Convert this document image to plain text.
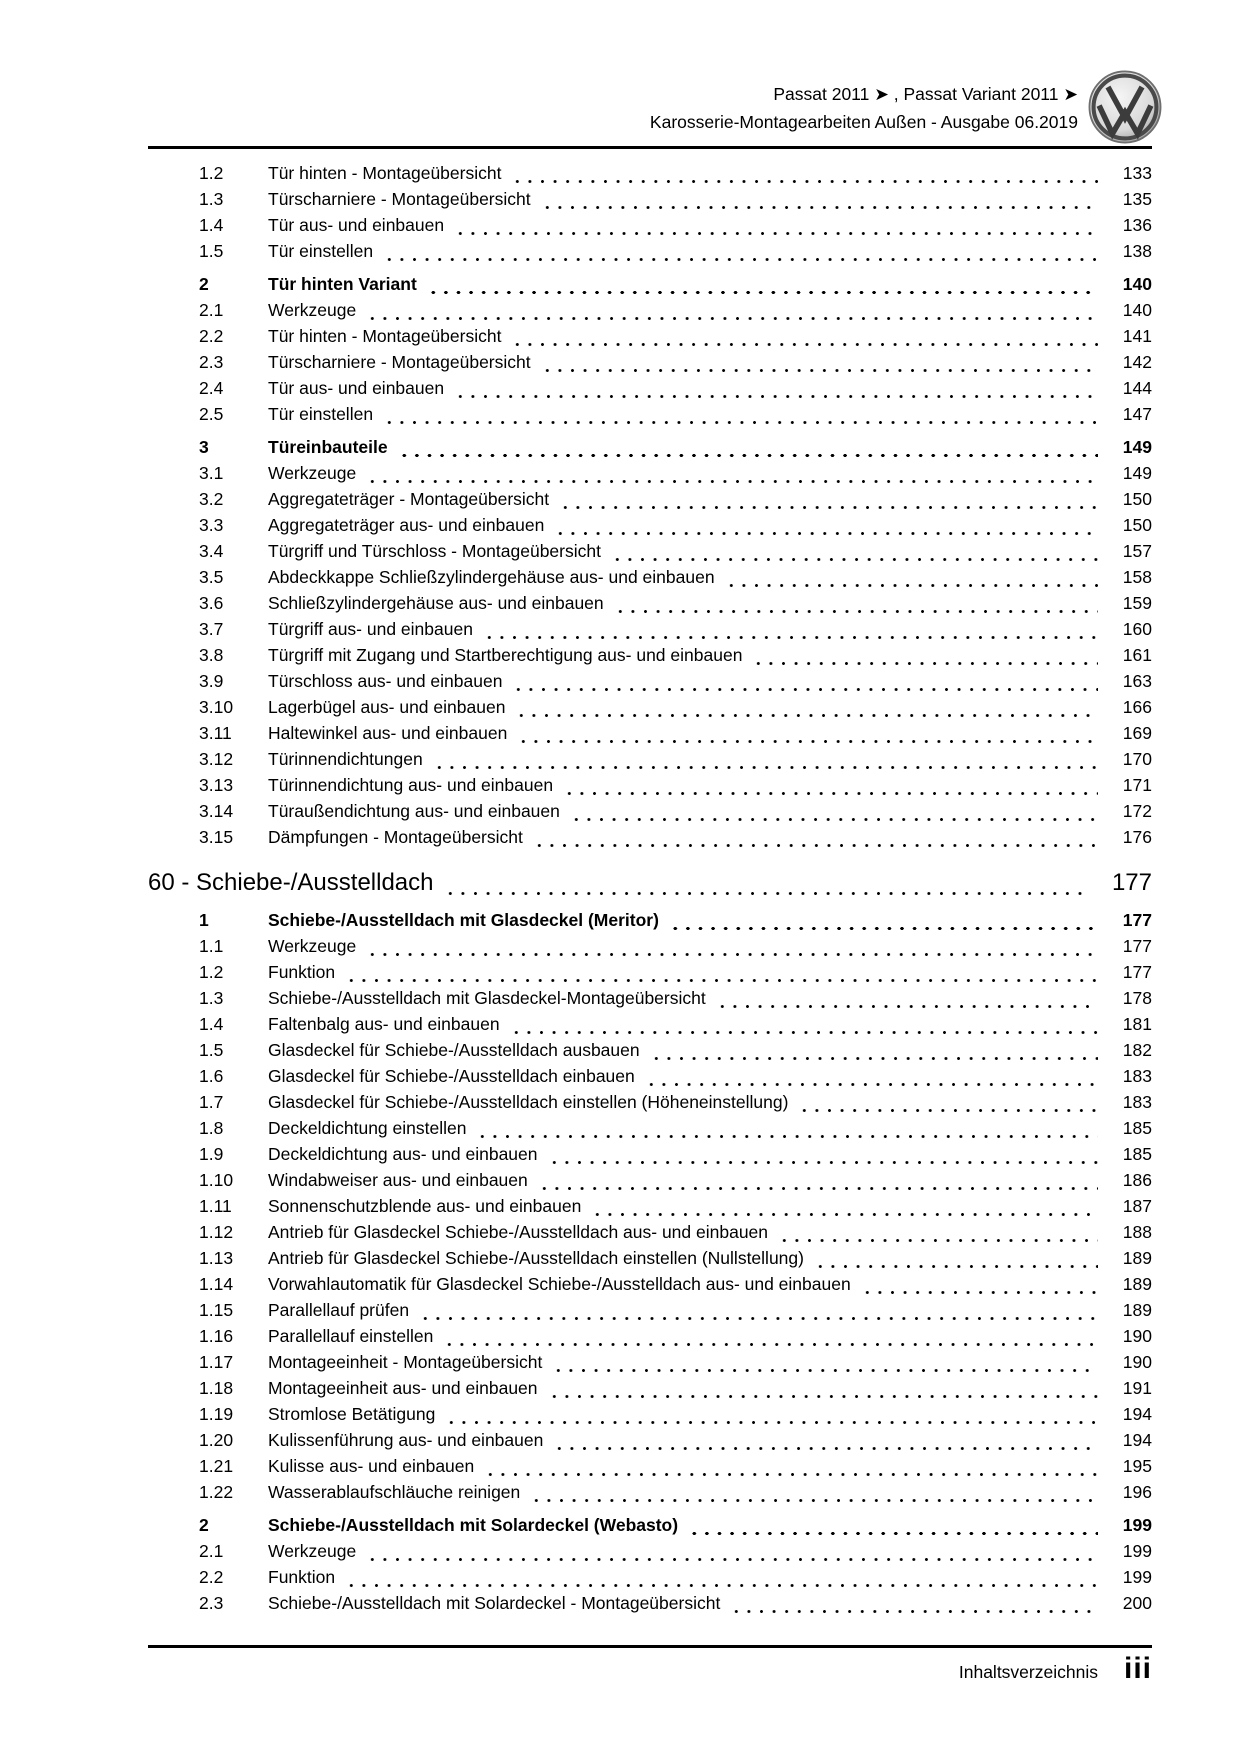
Passat 2011 ➤ , Passat Variant 2011 ➤
Karosserie-Montagearbeiten Außen - Ausgabe 06.2019
1.2	Tür hinten - Montageübersicht	133
1.3	Türscharniere - Montageübersicht	135
1.4	Tür aus- und einbauen	136
1.5	Tür einstellen	138
2	Tür hinten Variant	140
2.1	Werkzeuge	140
2.2	Tür hinten - Montageübersicht	141
2.3	Türscharniere - Montageübersicht	142
2.4	Tür aus- und einbauen	144
2.5	Tür einstellen	147
3	Türeinbauteile	149
3.1	Werkzeuge	149
3.2	Aggregateträger - Montageübersicht	150
3.3	Aggregateträger aus- und einbauen	150
3.4	Türgriff und Türschloss - Montageübersicht	157
3.5	Abdeckkappe Schließzylindergehäuse aus- und einbauen	158
3.6	Schließzylindergehäuse aus- und einbauen	159
3.7	Türgriff aus- und einbauen	160
3.8	Türgriff mit Zugang und Startberechtigung aus- und einbauen	161
3.9	Türschloss aus- und einbauen	163
3.10	Lagerbügel aus- und einbauen	166
3.11	Haltewinkel aus- und einbauen	169
3.12	Türinnendichtungen	170
3.13	Türinnendichtung aus- und einbauen	171
3.14	Türaußendichtung aus- und einbauen	172
3.15	Dämpfungen - Montageübersicht	176
60 - Schiebe-/Ausstelldach	177
1	Schiebe-/Ausstelldach mit Glasdeckel (Meritor)	177
1.1	Werkzeuge	177
1.2	Funktion	177
1.3	Schiebe-/Ausstelldach mit Glasdeckel-Montageübersicht	178
1.4	Faltenbalg aus- und einbauen	181
1.5	Glasdeckel für Schiebe-/Ausstelldach ausbauen	182
1.6	Glasdeckel für Schiebe-/Ausstelldach einbauen	183
1.7	Glasdeckel für Schiebe-/Ausstelldach einstellen (Höheneinstellung)	183
1.8	Deckeldichtung einstellen	185
1.9	Deckeldichtung aus- und einbauen	185
1.10	Windabweiser aus- und einbauen	186
1.11	Sonnenschutzblende aus- und einbauen	187
1.12	Antrieb für Glasdeckel Schiebe-/Ausstelldach aus- und einbauen	188
1.13	Antrieb für Glasdeckel Schiebe-/Ausstelldach einstellen (Nullstellung)	189
1.14	Vorwahlautomatik für Glasdeckel Schiebe-/Ausstelldach aus- und einbauen	189
1.15	Parallellauf prüfen	189
1.16	Parallellauf einstellen	190
1.17	Montageeinheit - Montageübersicht	190
1.18	Montageeinheit aus- und einbauen	191
1.19	Stromlose Betätigung	194
1.20	Kulissenführung aus- und einbauen	194
1.21	Kulisse aus- und einbauen	195
1.22	Wasserablaufschläuche reinigen	196
2	Schiebe-/Ausstelldach mit Solardeckel (Webasto)	199
2.1	Werkzeuge	199
2.2	Funktion	199
2.3	Schiebe-/Ausstelldach mit Solardeckel - Montageübersicht	200
Inhaltsverzeichnis iii
